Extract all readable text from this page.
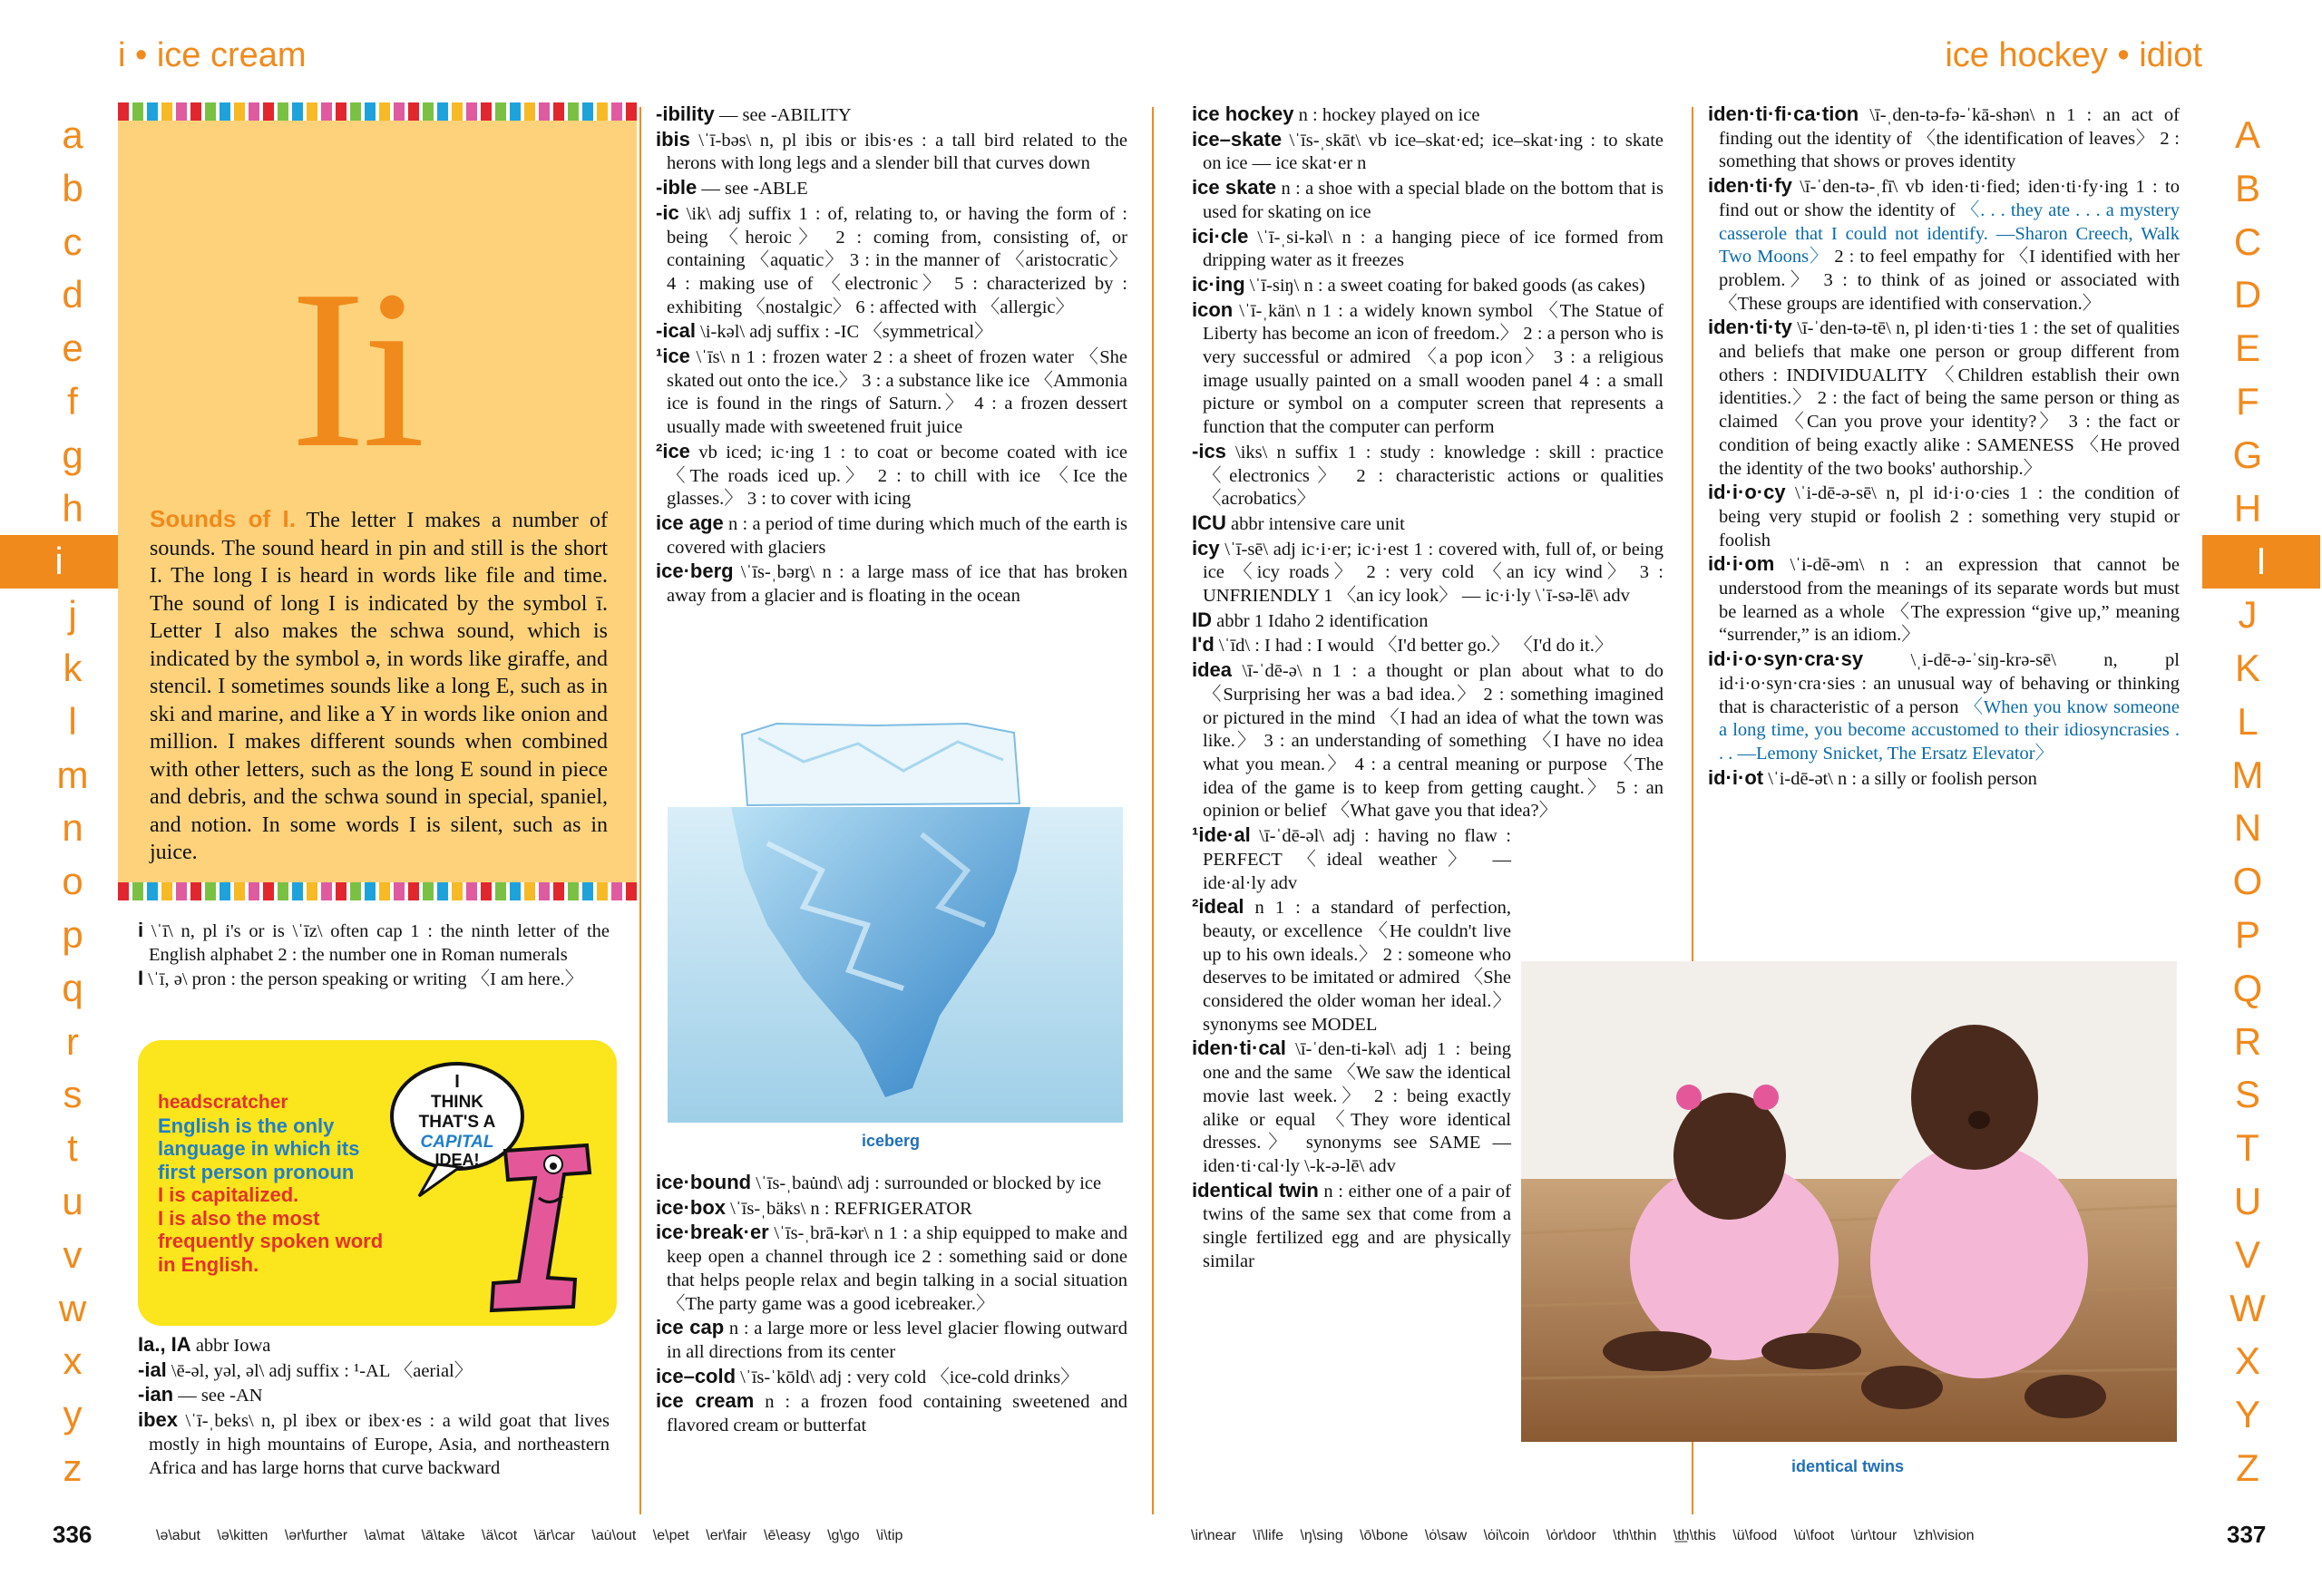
i • ice cream	ice hockey • idiot
a
b
c
d
e
f
g
h
i
j
k
l
m
n
o
p
q
r
s
t
u
v
w
x
y
z
A
B
C
D
E
F
G
H
I
J
K
L
M
N
O
P
Q
R
S
T
U
V
W
X
Y
Z
Ii
Sounds of I. The letter I makes a number of sounds. The sound heard in pin and still is the short I. The long I is heard in words like file and time. The sound of long I is indicated by the symbol ī. Letter I also makes the schwa sound, which is indicated by the symbol ə, in words like giraffe, and stencil. I sometimes sounds like a long E, such as in ski and marine, and like a Y in words like onion and million. I makes different sounds when combined with other letters, such as the long E sound in piece and debris, and the schwa sound in special, spaniel, and notion. In some words I is silent, such as in juice.

i \ˈī\ n, pl i's or is \ˈīz\ often cap 1 : the ninth letter of the English alphabet 2 : the number one in Roman numerals

I \ˈī, ə\ pron : the person speaking or writing 〈I am here.〉

headscratcher
English is the only language in which its first person pronoun
I is capitalized.
I is also the most frequently spoken word in English.
I
THINK
THAT'S A
CAPITAL
IDEA!

Ia., IA abbr Iowa

-ial \ē-əl, yəl, əl\ adj suffix : ¹-AL 〈aerial〉

-ian — see -AN

ibex \ˈī-ˌbeks\ n, pl ibex or ibex·es : a wild goat that lives mostly in high mountains of Europe, Asia, and northeastern Africa and has large horns that curve backward

-ibility — see -ABILITY

ibis \ˈī-bəs\ n, pl ibis or ibis·es : a tall bird related to the herons with long legs and a slender bill that curves down

-ible — see -ABLE

-ic \ik\ adj suffix 1 : of, relating to, or having the form of : being 〈heroic〉 2 : coming from, consisting of, or containing 〈aquatic〉 3 : in the manner of 〈aristocratic〉 4 : making use of 〈electronic〉 5 : characterized by : exhibiting 〈nostalgic〉 6 : affected with 〈allergic〉

-ical \i-kəl\ adj suffix : -IC 〈symmetrical〉

¹ice \ˈīs\ n 1 : frozen water 2 : a sheet of frozen water 〈She skated out onto the ice.〉 3 : a substance like ice 〈Ammonia ice is found in the rings of Saturn.〉 4 : a frozen dessert usually made with sweetened fruit juice

²ice vb iced; ic·ing 1 : to coat or become coated with ice 〈The roads iced up.〉 2 : to chill with ice 〈Ice the glasses.〉 3 : to cover with icing

ice age n : a period of time during which much of the earth is covered with glaciers

ice·berg \ˈīs-ˌbərg\ n : a large mass of ice that has broken away from a glacier and is floating in the ocean

iceberg

ice·bound \ˈīs-ˌbau̇nd\ adj : surrounded or blocked by ice

ice·box \ˈīs-ˌbäks\ n : REFRIGERATOR

ice·break·er \ˈīs-ˌbrā-kər\ n 1 : a ship equipped to make and keep open a channel through ice 2 : something said or done that helps people relax and begin talking in a social situation 〈The party game was a good icebreaker.〉

ice cap n : a large more or less level glacier flowing outward in all directions from its center

ice–cold \ˈīs-ˈkōld\ adj : very cold 〈ice-cold drinks〉

ice cream n : a frozen food containing sweetened and flavored cream or butterfat

ice hockey n : hockey played on ice

ice–skate \ˈīs-ˌskāt\ vb ice–skat·ed; ice–skat·ing : to skate on ice — ice skat·er n

ice skate n : a shoe with a special blade on the bottom that is used for skating on ice

ici·cle \ˈī-ˌsi-kəl\ n : a hanging piece of ice formed from dripping water as it freezes

ic·ing \ˈī-siŋ\ n : a sweet coating for baked goods (as cakes)

icon \ˈī-ˌkän\ n 1 : a widely known symbol 〈The Statue of Liberty has become an icon of freedom.〉 2 : a person who is very successful or admired 〈a pop icon〉 3 : a religious image usually painted on a small wooden panel 4 : a small picture or symbol on a computer screen that represents a function that the computer can perform

-ics \iks\ n suffix 1 : study : knowledge : skill : practice 〈electronics〉 2 : characteristic actions or qualities 〈acrobatics〉

ICU abbr intensive care unit

icy \ˈī-sē\ adj ic·i·er; ic·i·est 1 : covered with, full of, or being ice 〈icy roads〉 2 : very cold 〈an icy wind〉 3 : UNFRIENDLY 1 〈an icy look〉 — ic·i·ly \ˈī-sə-lē\ adv

ID abbr 1 Idaho 2 identification

I'd \ˈīd\ : I had : I would 〈I'd better go.〉 〈I'd do it.〉

idea \ī-ˈdē-ə\ n 1 : a thought or plan about what to do 〈Surprising her was a bad idea.〉 2 : something imagined or pictured in the mind 〈I had an idea of what the town was like.〉 3 : an understanding of something 〈I have no idea what you mean.〉 4 : a central meaning or purpose 〈The idea of the game is to keep from getting caught.〉 5 : an opinion or belief 〈What gave you that idea?〉

¹ide·al \ī-ˈdē-əl\ adj : having no flaw : PERFECT 〈ideal weather〉 — ide·al·ly adv

²ideal n 1 : a standard of perfection, beauty, or excellence 〈He couldn't live up to his own ideals.〉 2 : someone who deserves to be imitated or admired 〈She considered the older woman her ideal.〉 synonyms see MODEL

iden·ti·cal \ī-ˈden-ti-kəl\ adj 1 : being one and the same 〈We saw the identical movie last week.〉 2 : being exactly alike or equal 〈They wore identical dresses.〉 synonyms see SAME — iden·ti·cal·ly \-k-ə-lē\ adv

identical twin n : either one of a pair of twins of the same sex that come from a single fertilized egg and are physically similar

iden·ti·fi·ca·tion \ī-ˌden-tə-fə-ˈkā-shən\ n 1 : an act of finding out the identity of 〈the identification of leaves〉 2 : something that shows or proves identity

iden·ti·fy \ī-ˈden-tə-ˌfī\ vb iden·ti·fied; iden·ti·fy·ing 1 : to find out or show the identity of 〈. . . they ate . . . a mystery casserole that I could not identify. —Sharon Creech, Walk Two Moons〉 2 : to feel empathy for 〈I identified with her problem.〉 3 : to think of as joined or associated with 〈These groups are identified with conservation.〉

iden·ti·ty \ī-ˈden-tə-tē\ n, pl iden·ti·ties 1 : the set of qualities and beliefs that make one person or group different from others : INDIVIDUALITY 〈Children establish their own identities.〉 2 : the fact of being the same person or thing as claimed 〈Can you prove your identity?〉 3 : the fact or condition of being exactly alike : SAMENESS 〈He proved the identity of the two books' authorship.〉

id·i·o·cy \ˈi-dē-ə-sē\ n, pl id·i·o·cies 1 : the condition of being very stupid or foolish 2 : something very stupid or foolish

id·i·om \ˈi-dē-əm\ n : an expression that cannot be understood from the meanings of its separate words but must be learned as a whole 〈The expression “give up,” meaning “surrender,” is an idiom.〉

id·i·o·syn·cra·sy \ˌi-dē-ə-ˈsiŋ-krə-sē\ n, pl id·i·o·syn·cra·sies : an unusual way of behaving or thinking that is characteristic of a person 〈When you know someone a long time, you become accustomed to their idiosyncrasies . . . —Lemony Snicket, The Ersatz Elevator〉

id·i·ot \ˈi-dē-ət\ n : a silly or foolish person

identical twins
336	337
\ə\abut \ə\kitten \ər\further \a\mat \ā\take \ä\cot \är\car \au̇\out \e\pet \er\fair \ē\easy \g\go \i\tip	\ir\near \ī\life \ŋ\sing \ō\bone \ȯ\saw \ȯi\coin \ȯr\door \th\thin \t͟h\this \ü\food \u̇\foot \u̇r\tour \zh\vision
